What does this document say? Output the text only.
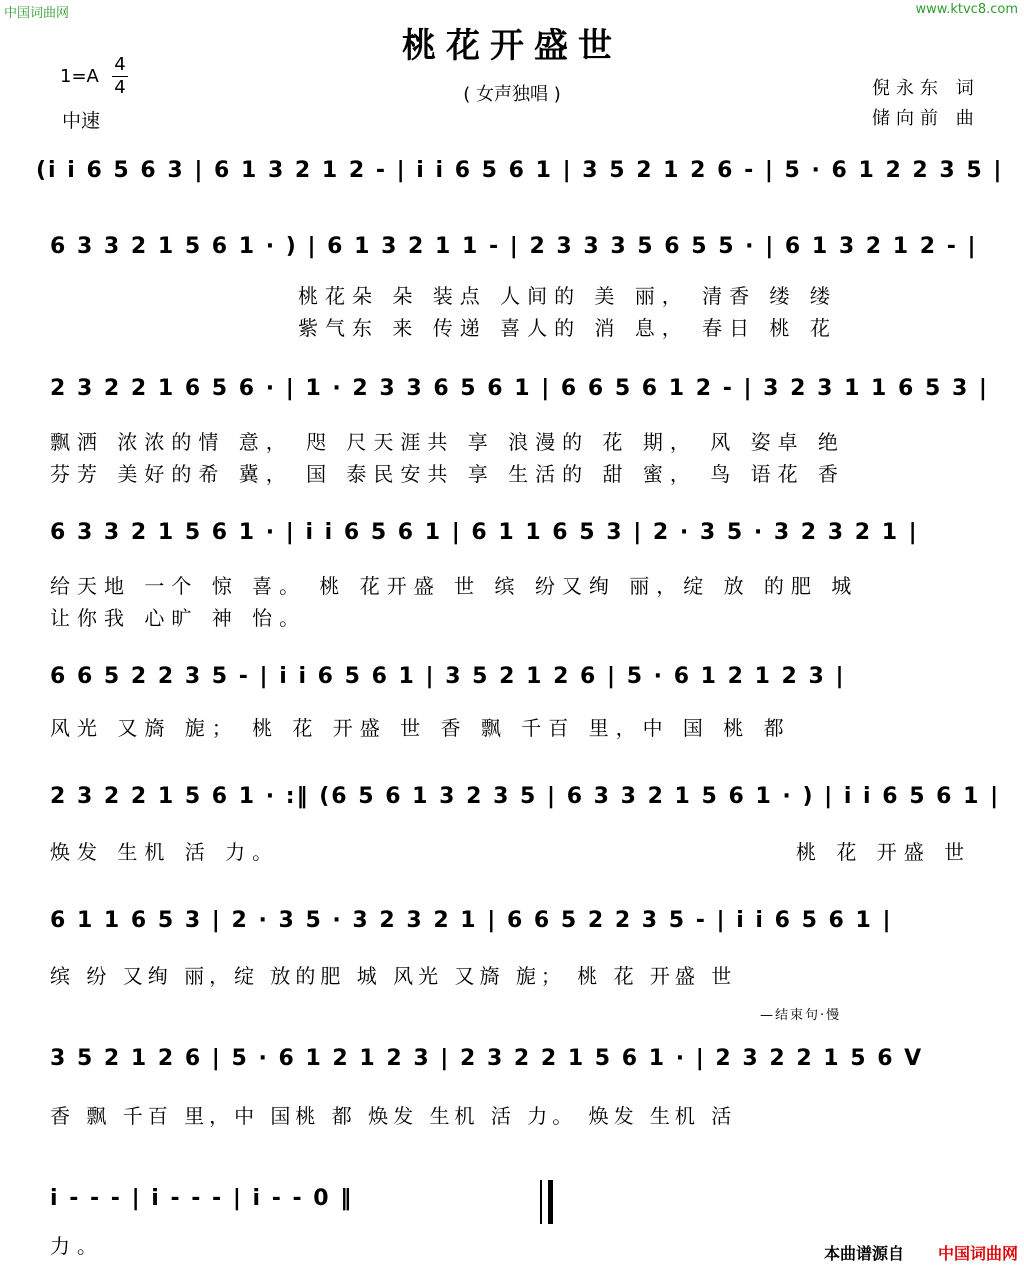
中国词曲网	www.ktvc8.com
桃花开盛世
( 女声独唱 )
1=A
4
4
中速
倪永东 词
储向前 曲
(i i 6 5 6 3 | 6 1 3 2 1 2 - | i i 6 5 6 1 | 3 5 2 1 2 6 - | 5 · 6 1 2 2 3 5 |
6 3 3 2 1 5 6 1 · ) | 6 1 3 2 1 1 - | 2 3 3 3 5 6 5 5 · | 6 1 3 2 1 2 - |
2 3 2 2 1 6 5 6 · | 1 · 2 3 3 6 5 6 1 | 6 6 5 6 1 2 - | 3 2 3 1 1 6 5 3 |
6 3 3 2 1 5 6 1 · | i i 6 5 6 1 | 6 1 1 6 5 3 | 2 · 3 5 · 3 2 3 2 1 |
6 6 5 2 2 3 5 - | i i 6 5 6 1 | 3 5 2 1 2 6 | 5 · 6 1 2 1 2 3 |
2 3 2 2 1 5 6 1 · :‖ (6 5 6 1 3 2 3 5 | 6 3 3 2 1 5 6 1 · ) | i i 6 5 6 1 |
6 1 1 6 5 3 | 2 · 3 5 · 3 2 3 2 1 | 6 6 5 2 2 3 5 - | i i 6 5 6 1 |
3 5 2 1 2 6 | 5 · 6 1 2 1 2 3 | 2 3 2 2 1 5 6 1 · | 2 3 2 2 1 5 6 V
i - - - | i - - - | i - - 0 ‖
桃花朵 朵 装点 人间的 美 丽， 清香 缕 缕
紫气东 来 传递 喜人的 消 息， 春日 桃 花
飘洒 浓浓的情 意， 咫 尺天涯共 享 浪漫的 花 期， 风 姿卓 绝
芬芳 美好的希 冀， 国 泰民安共 享 生活的 甜 蜜， 鸟 语花 香
给天地 一个 惊 喜。 桃 花开盛 世 缤 纷又绚 丽，绽 放 的肥 城
让你我 心旷 神 怡。
风光 又旖 旎； 桃 花 开盛 世 香 飘 千百 里，中 国 桃 都
焕发 生机 活 力。	桃 花 开盛 世
缤 纷 又绚 丽，绽 放的肥 城 风光 又旖 旎； 桃 花 开盛 世
—结束句·慢
香 飘 千百 里，中 国桃 都 焕发 生机 活 力。 焕发 生机 活
力。	本曲谱源自 中国词曲网
